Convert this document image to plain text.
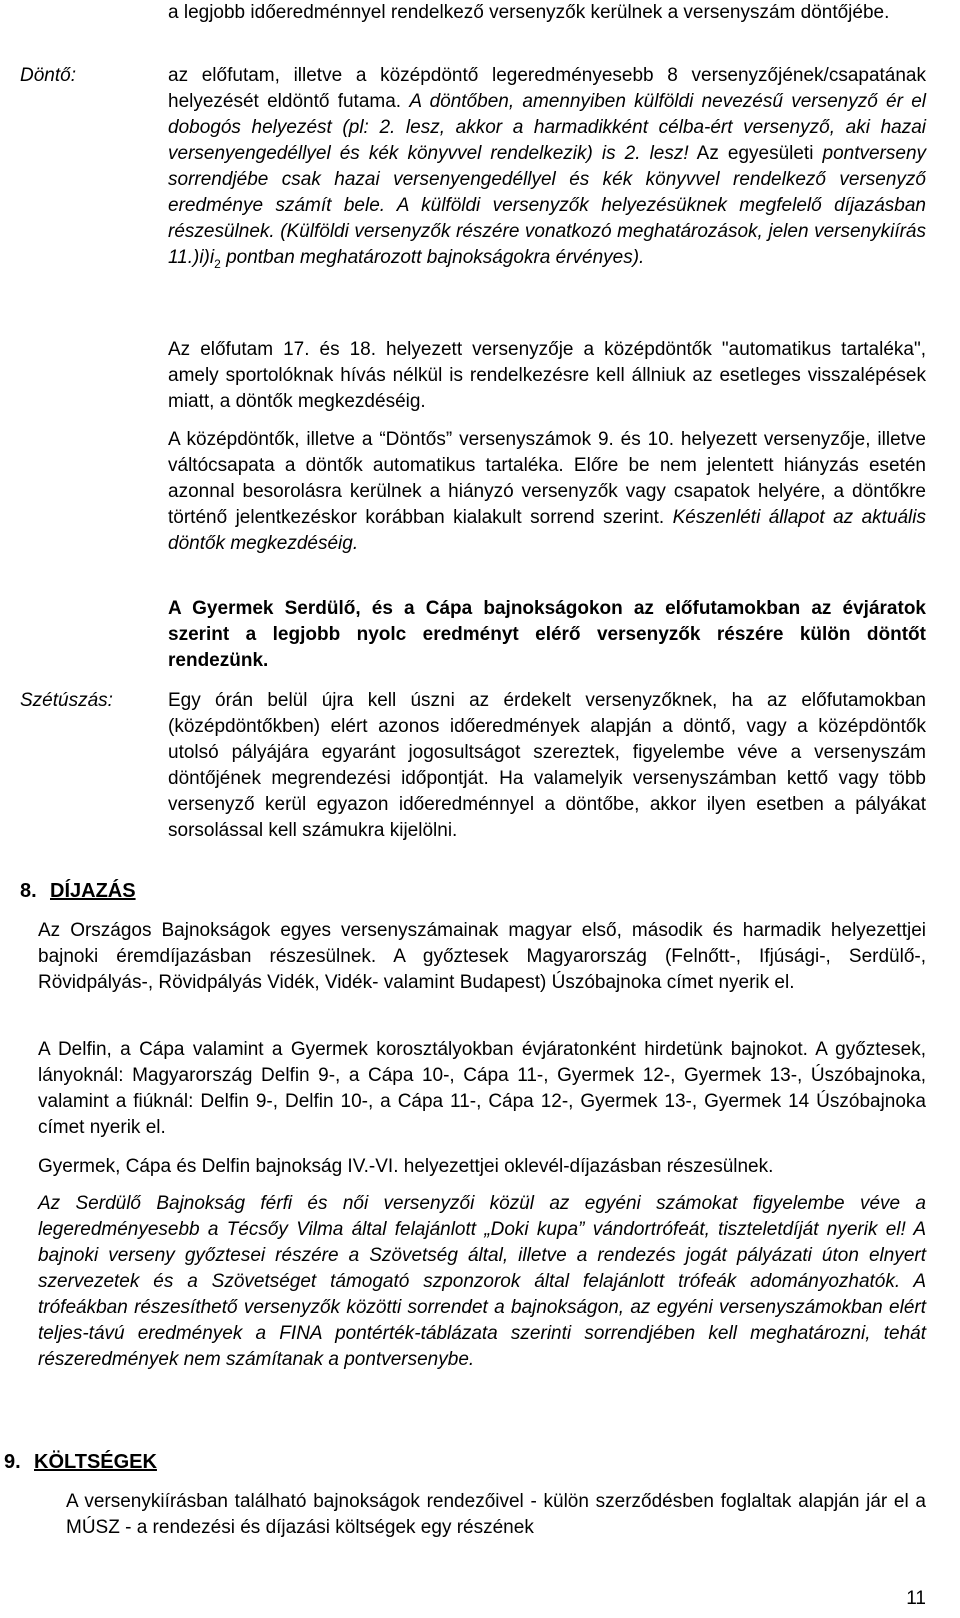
a legjobb időeredménnyel rendelkező versenyzők kerülnek a versenyszám döntőjébe.
Döntő:	az előfutam, illetve a középdöntő legeredményesebb 8 versenyzőjének/csapatának helyezését eldöntő futama. A döntőben, amennyiben külföldi nevezésű versenyző ér el dobogós helyezést (pl: 2. lesz, akkor a harmadikként célba-ért versenyző, aki hazai versenyengedéllyel és kék könyvvel rendelkezik) is 2. lesz! Az egyesületi pontverseny sorrendjébe csak hazai versenyengedéllyel és kék könyvvel rendelkező versenyző eredménye számít bele. A külföldi versenyzők helyezésüknek megfelelő díjazásban részesülnek. (Külföldi versenyzők részére vonatkozó meghatározások, jelen versenykiírás $11.)i)i_2$ pontban meghatározott bajnokságokra érvényes).
Az előfutam 17. és 18. helyezett versenyzője a középdöntők "automatikus tartaléka", amely sportolóknak hívás nélkül is rendelkezésre kell állniuk az esetleges visszalépések miatt, a döntők megkezdéséig.
A középdöntők, illetve a “Döntős” versenyszámok 9. és 10. helyezett versenyzője, illetve váltócsapata a döntők automatikus tartaléka. Előre be nem jelentett hiányzás esetén azonnal besorolásra kerülnek a hiányzó versenyzők vagy csapatok helyére, a döntőkre történő jelentkezéskor korábban kialakult sorrend szerint. Készenléti állapot az aktuális döntők megkezdéséig.
A Gyermek Serdülő, és a Cápa bajnokságokon az előfutamokban az évjáratok szerint a legjobb nyolc eredményt elérő versenyzők részére külön döntőt rendezünk.
Szétúszás:	Egy órán belül újra kell úszni az érdekelt versenyzőknek, ha az előfutamokban (középdöntőkben) elért azonos időeredmények alapján a döntő, vagy a középdöntők utolsó pályájára egyaránt jogosultságot szereztek, figyelembe véve a versenyszám döntőjének megrendezési időpontját. Ha valamelyik versenyszámban kettő vagy több versenyző kerül egyazon időeredménnyel a döntőbe, akkor ilyen esetben a pályákat sorsolással kell számukra kijelölni.
8. DÍJAZÁS
Az Országos Bajnokságok egyes versenyszámainak magyar első, második és harmadik helyezettjei bajnoki éremdíjazásban részesülnek. A győztesek Magyarország (Felnőtt-, Ifjúsági-, Serdülő-, Rövidpályás-, Rövidpályás Vidék, Vidék- valamint Budapest) Úszóbajnoka címet nyerik el.
A Delfin, a Cápa valamint a Gyermek korosztályokban évjáratonként hirdetünk bajnokot. A győztesek, lányoknál: Magyarország Delfin 9-, a Cápa 10-, Cápa 11-, Gyermek 12-, Gyermek 13-, Úszóbajnoka, valamint a fiúknál: Delfin 9-, Delfin 10-, a Cápa 11-, Cápa 12-, Gyermek 13-, Gyermek 14 Úszóbajnoka címet nyerik el.
Gyermek, Cápa és Delfin bajnokság IV.-VI. helyezettjei oklevél-díjazásban részesülnek.
Az Serdülő Bajnokság férfi és női versenyzői közül az egyéni számokat figyelembe véve a legeredményesebb a Técsőy Vilma által felajánlott „Doki kupa” vándortrófeát, tiszteletdíját nyerik el! A bajnoki verseny győztesei részére a Szövetség által, illetve a rendezés jogát pályázati úton elnyert szervezetek és a Szövetséget támogató szponzorok által felajánlott trófeák adományozhatók. A trófeákban részesíthető versenyzők közötti sorrendet a bajnokságon, az egyéni versenyszámokban elért teljes-távú eredmények a FINA pontérték-táblázata szerinti sorrendjében kell meghatározni, tehát részeredmények nem számítanak a pontversenybe.
9. KÖLTSÉGEK
A versenykiírásban található bajnokságok rendezőivel - külön szerződésben foglaltak alapján jár el a MÚSZ - a rendezési és díjazási költségek egy részének
11
